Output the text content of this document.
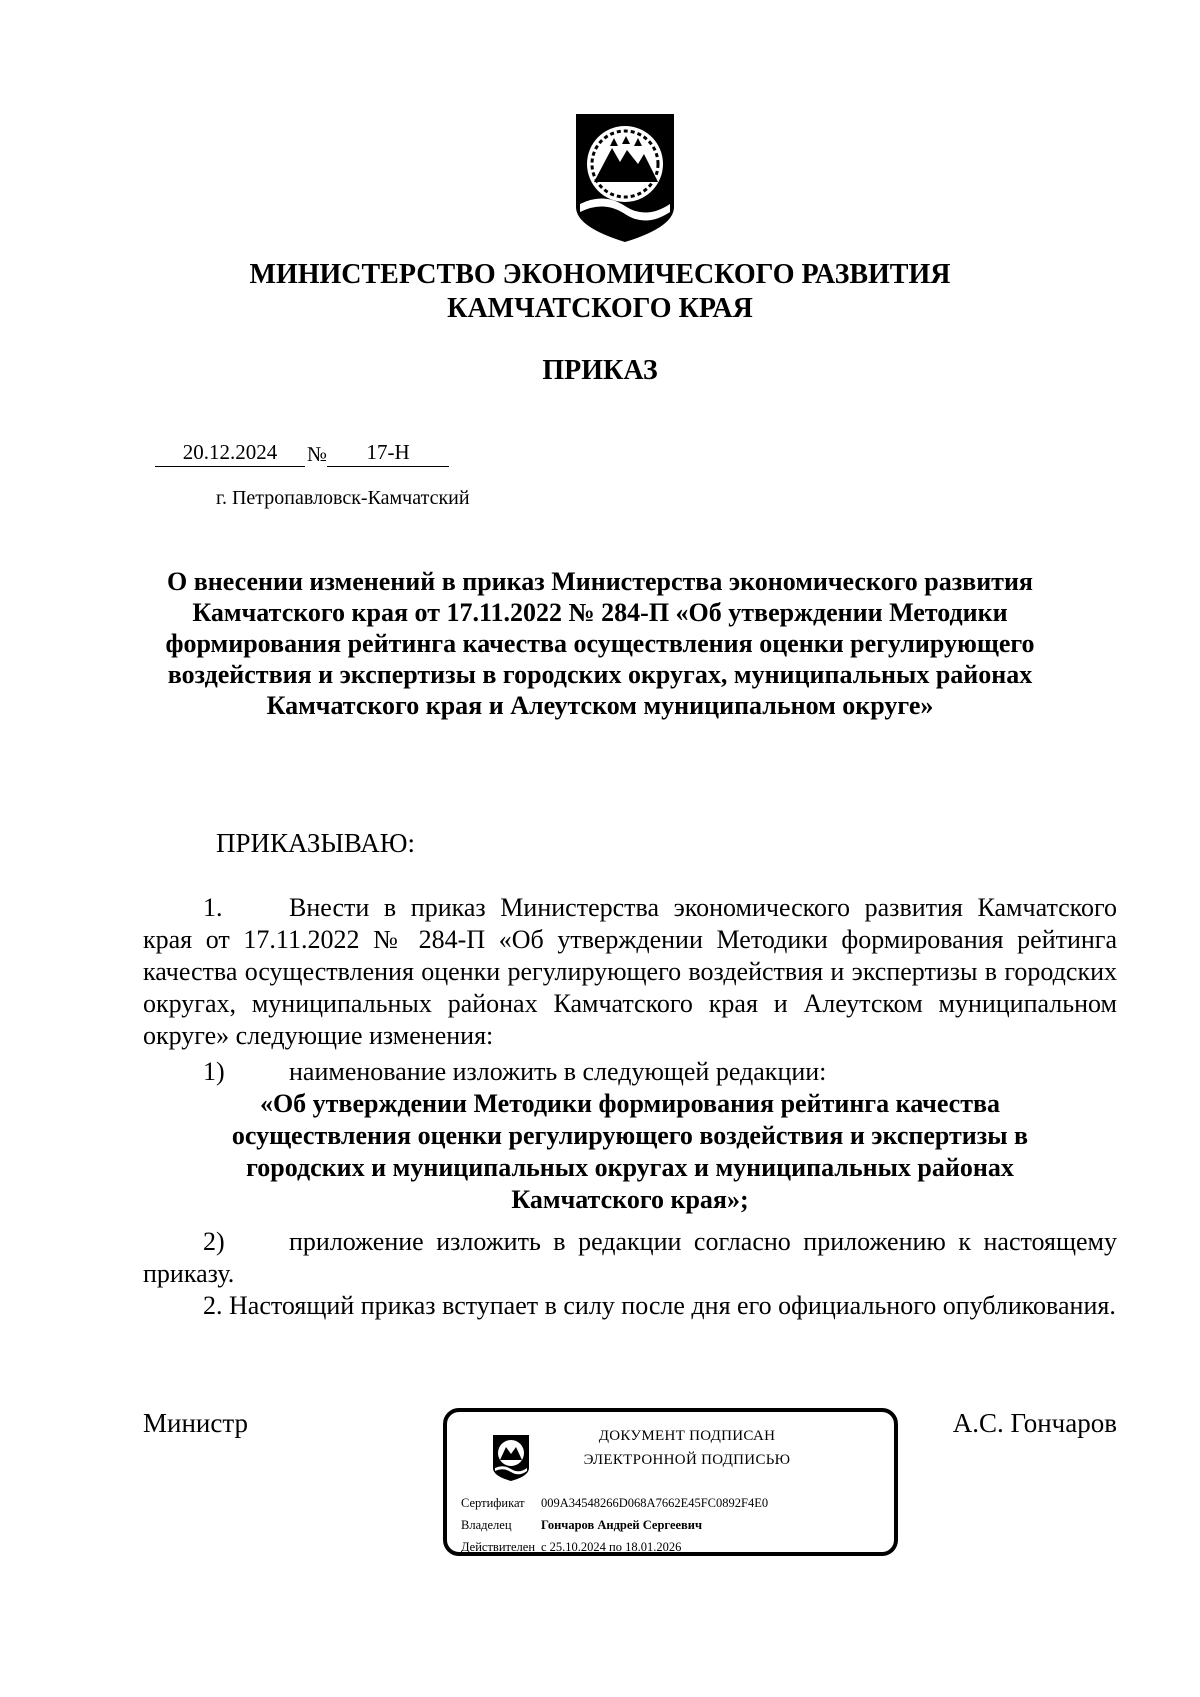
МИНИСТЕРСТВО ЭКОНОМИЧЕСКОГО РАЗВИТИЯ
КАМЧАТСКОГО КРАЯ
ПРИКАЗ
20.12.2024	№	17-Н
г. Петропавловск-Камчатский
О внесении изменений в приказ Министерства экономического развития Камчатского края от 17.11.2022 № 284-П «Об утверждении Методики формирования рейтинга качества осуществления оценки регулирующего воздействия и экспертизы в городских округах, муниципальных районах Камчатского края и Алеутском муниципальном округе»
ПРИКАЗЫВАЮ:
1.	Внести в приказ Министерства экономического развития Камчатского края от 17.11.2022 № 284-П «Об утверждении Методики формирования рейтинга качества осуществления оценки регулирующего воздействия и экспертизы в городских округах, муниципальных районах Камчатского края и Алеутском муниципальном округе» следующие изменения:
1) наименование изложить в следующей редакции:
«Об утверждении Методики формирования рейтинга качества осуществления оценки регулирующего воздействия и экспертизы в городских и муниципальных округах и муниципальных районах Камчатского края»;
2) приложение изложить в редакции согласно приложению к настоящему приказу.
2. Настоящий приказ вступает в силу после дня его официального опубликования.
Министр	А.С. Гончаров
ДОКУМЕНТ ПОДПИСАН
ЭЛЕКТРОННОЙ ПОДПИСЬЮ
Сертификат 009A34548266D068A7662E45FC0892F4E0
Владелец Гончаров Андрей Сергеевич
Действителен с 25.10.2024 по 18.01.2026
